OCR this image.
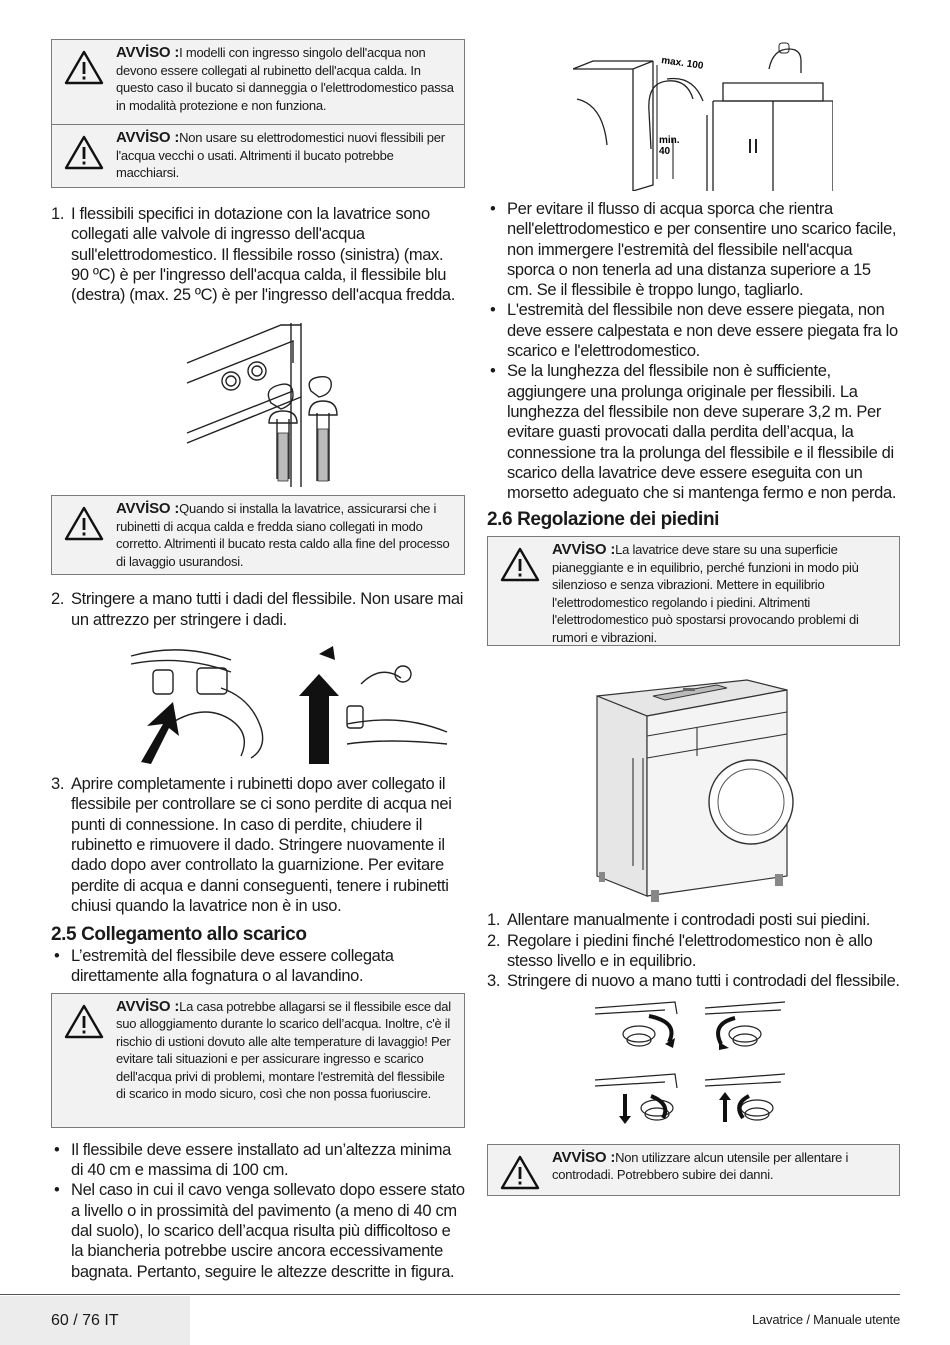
AVVİSO :I modelli con ingresso singolo dell'acqua non devono essere collegati al rubinetto dell'acqua calda. In questo caso il bucato si danneggia o l'elettrodomestico passa in modalità protezione e non funziona.
AVVİSO :Non usare su elettrodomestici nuovi flessibili per l'acqua vecchi o usati. Altrimenti il bucato potrebbe macchiarsi.
1. I flessibili specifici in dotazione con la lavatrice sono collegati alle valvole di ingresso dell'acqua sull'elettrodomestico. Il flessibile rosso (sinistra) (max. 90 ºC) è per l'ingresso dell'acqua calda, il flessibile blu (destra) (max. 25 ºC) è per l'ingresso dell'acqua fredda.
AVVİSO :Quando si installa la lavatrice, assicurarsi che i rubinetti di acqua calda e fredda siano collegati in modo corretto. Altrimenti il bucato resta caldo alla fine del processo di lavaggio usurandosi.
2. Stringere a mano tutti i dadi del flessibile. Non usare mai un attrezzo per stringere i dadi.
3. Aprire completamente i rubinetti dopo aver collegato il flessibile per controllare se ci sono perdite di acqua nei punti di connessione. In caso di perdite, chiudere il rubinetto e rimuovere il dado. Stringere nuovamente il dado dopo aver controllato la guarnizione. Per evitare perdite di acqua e danni conseguenti, tenere i rubinetti chiusi quando la lavatrice non è in uso.
2.5 Collegamento allo scarico
• L’estremità del flessibile deve essere collegata direttamente alla fognatura o al lavandino.
AVVİSO :La casa potrebbe allagarsi se il flessibile esce dal suo alloggiamento durante lo scarico dell’acqua. Inoltre, c'è il rischio di ustioni dovuto alle alte temperature di lavaggio! Per evitare tali situazioni e per assicurare ingresso e scarico dell'acqua privi di problemi, montare l'estremità del flessibile di scarico in modo sicuro, così che non possa fuoriuscire.
• Il flessibile deve essere installato ad un’altezza minima di 40 cm e massima di 100 cm.
• Nel caso in cui il cavo venga sollevato dopo essere stato a livello o in prossimità del pavimento (a meno di 40 cm dal suolo), lo scarico dell’acqua risulta più difficoltoso e la biancheria potrebbe uscire ancora eccessivamente bagnata. Pertanto, seguire le altezze descritte in figura.
max. 100
min.
40
• Per evitare il flusso di acqua sporca che rientra nell'elettrodomestico e per consentire uno scarico facile, non immergere l'estremità del flessibile nell'acqua sporca o non tenerla ad una distanza superiore a 15 cm. Se il flessibile è troppo lungo, tagliarlo.
• L'estremità del flessibile non deve essere piegata, non deve essere calpestata e non deve essere piegata fra lo scarico e l'elettrodomestico.
• Se la lunghezza del flessibile non è sufficiente, aggiungere una prolunga originale per flessibili. La lunghezza del flessibile non deve superare 3,2 m. Per evitare guasti provocati dalla perdita dell’acqua, la connessione tra la prolunga del flessibile e il flessibile di scarico della lavatrice deve essere eseguita con un morsetto adeguato che si mantenga fermo e non perda.
2.6 Regolazione dei piedini
AVVİSO :La lavatrice deve stare su una superficie pianeggiante e in equilibrio, perché funzioni in modo più silenzioso e senza vibrazioni. Mettere in equilibrio l'elettrodomestico regolando i piedini. Altrimenti l'elettrodomestico può spostarsi provocando problemi di rumori e vibrazioni.
1. Allentare manualmente i controdadi posti sui piedini.
2. Regolare i piedini finché l'elettrodomestico non è allo stesso livello e in equilibrio.
3. Stringere di nuovo a mano tutti i controdadi del flessibile.
AVVİSO :Non utilizzare alcun utensile per allentare i controdadi. Potrebbero subire dei danni.
60 / 76 IT	Lavatrice / Manuale utente
